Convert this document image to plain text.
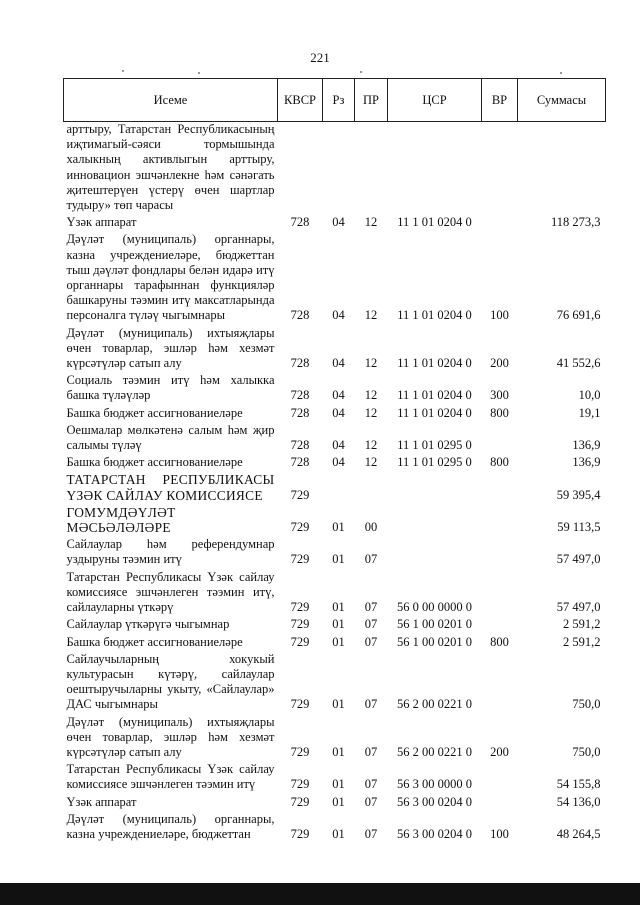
221
Исеме	КВСР	Рз	ПР	ЦСР	ВР	Суммасы
арттыру, Татарстан Республикасының иҗтимагый-сәяси тормышында халыкның активлыгын арттыру, инновацион эшчәнлекне һәм сәнәгать җитештерүен үстерү өчен шартлар тудыру» төп чарасы						
Үзәк аппарат	728	04	12	11 1 01 0204 0		118 273,3
Дәүләт (муниципаль) органнары, казна учреждениеләре, бюджеттан тыш дәүләт фондлары белән идарә итү органнары тарафыннан функцияләр башкаруны тәэмин итү максатларында персоналга түләү чыгымнары	728	04	12	11 1 01 0204 0	100	76 691,6
Дәүләт (муниципаль) ихтыяҗлары өчен товарлар, эшләр һәм хезмәт күрсәтүләр сатып алу	728	04	12	11 1 01 0204 0	200	41 552,6
Социаль тәэмин итү һәм халыкка башка түләүләр	728	04	12	11 1 01 0204 0	300	10,0
Башка бюджет ассигнованиеләре	728	04	12	11 1 01 0204 0	800	19,1
Оешмалар мөлкәтенә салым һәм җир салымы түләү	728	04	12	11 1 01 0295 0		136,9
Башка бюджет ассигнованиеләре	728	04	12	11 1 01 0295 0	800	136,9
ТАТАРСТАН РЕСПУБЛИКАСЫ ҮЗӘК САЙЛАУ КОМИССИЯСЕ	729					59 395,4
ГОМУМДӘҮЛӘТ МӘСЬӘЛӘЛӘРЕ	729	01	00			59 113,5
Сайлаулар һәм референдумнар уздыруны тәэмин итү	729	01	07			57 497,0
Татарстан Республикасы Үзәк сайлау комиссиясе эшчәнлеген тәэмин итү, сайлауларны үткәрү	729	01	07	56 0 00 0000 0		57 497,0
Сайлаулар үткәрүгә чыгымнар	729	01	07	56 1 00 0201 0		2 591,2
Башка бюджет ассигнованиеләре	729	01	07	56 1 00 0201 0	800	2 591,2
Сайлаучыларның хокукый культурасын күтәрү, сайлаулар оештыручыларны укыту, «Сайлаулар» ДАС чыгымнары	729	01	07	56 2 00 0221 0		750,0
Дәүләт (муниципаль) ихтыяҗлары өчен товарлар, эшләр һәм хезмәт күрсәтүләр сатып алу	729	01	07	56 2 00 0221 0	200	750,0
Татарстан Республикасы Үзәк сайлау комиссиясе эшчәнлеген тәэмин итү	729	01	07	56 3 00 0000 0		54 155,8
Үзәк аппарат	729	01	07	56 3 00 0204 0		54 136,0
Дәүләт (муниципаль) органнары, казна учреждениеләре, бюджеттан	729	01	07	56 3 00 0204 0	100	48 264,5
